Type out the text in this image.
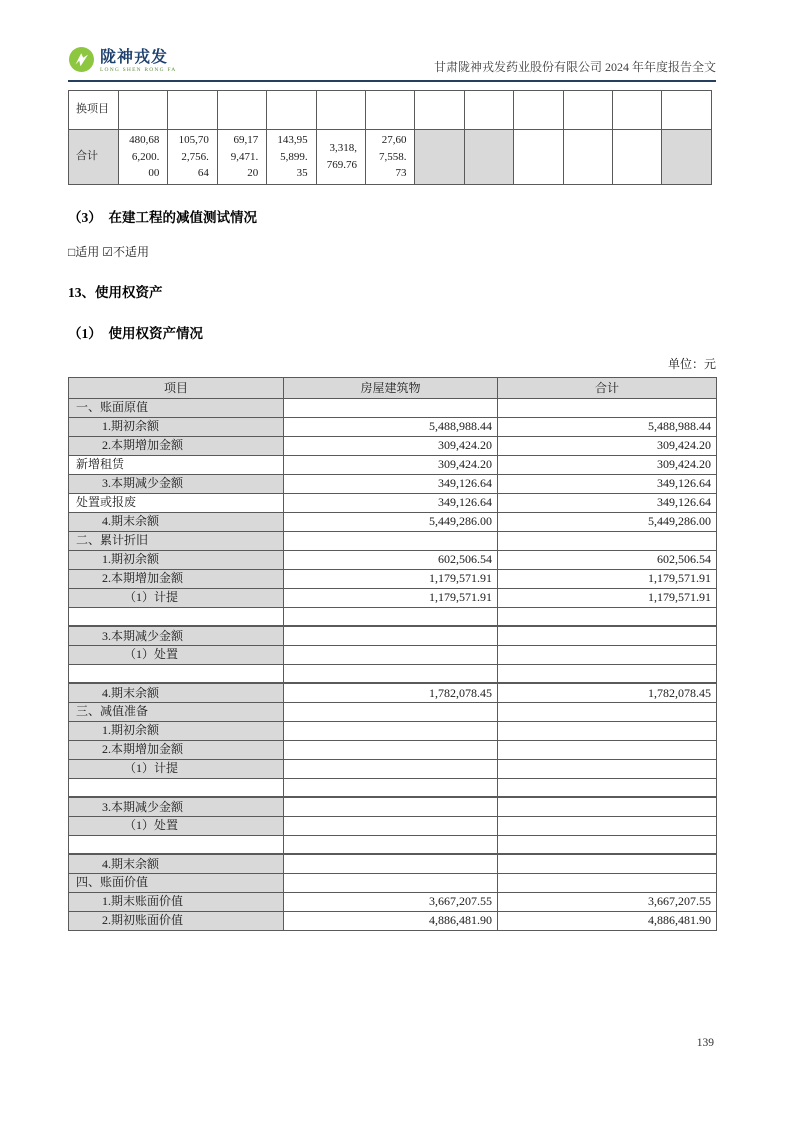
陇神戎发
LONG SHEN RONG FA	甘肃陇神戎发药业股份有限公司 2024 年年度报告全文
换项目												
合计	480,686,200.00	105,702,756.64	69,179,471.20	143,955,899.35	3,318,769.76	27,607,558.73						
（3）　在建工程的减值测试情况
□适用 ☑不适用
13、使用权资产
（1）　使用权资产情况
单位：元
项目	房屋建筑物	合计
一、账面原值		
1.期初余额	5,488,988.44	5,488,988.44
2.本期增加金额	309,424.20	309,424.20
新增租赁	309,424.20	309,424.20
3.本期减少金额	349,126.64	349,126.64
处置或报废	349,126.64	349,126.64
4.期末余额	5,449,286.00	5,449,286.00
二、累计折旧		
1.期初余额	602,506.54	602,506.54
2.本期增加金额	1,179,571.91	1,179,571.91
（1）计提	1,179,571.91	1,179,571.91

3.本期减少金额		
（1）处置		

4.期末余额	1,782,078.45	1,782,078.45
三、减值准备		
1.期初余额		
2.本期增加金额		
（1）计提		

3.本期减少金额		
（1）处置		

4.期末余额		
四、账面价值		
1.期末账面价值	3,667,207.55	3,667,207.55
2.期初账面价值	4,886,481.90	4,886,481.90
139
